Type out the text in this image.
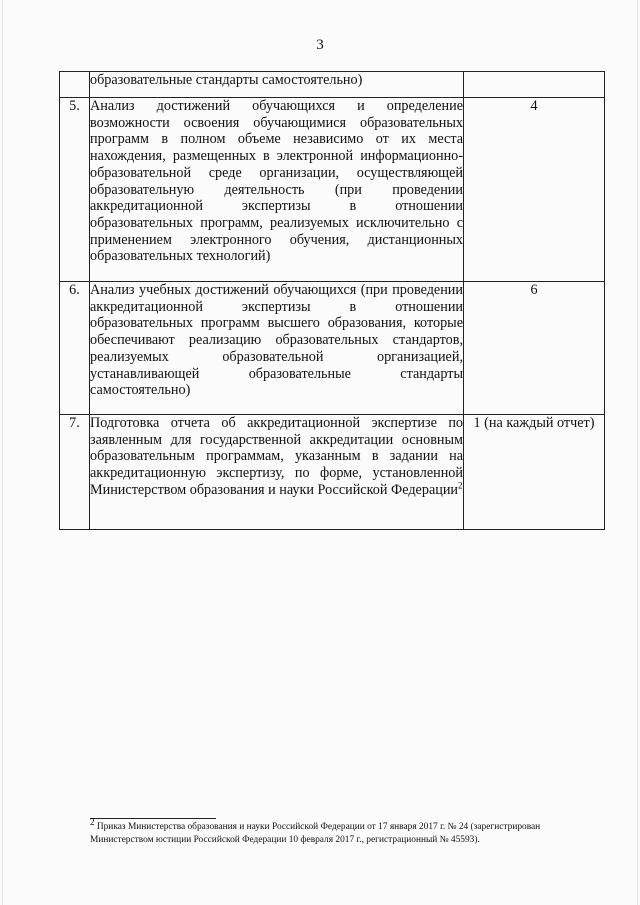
3
	образовательные стандарты самостоятельно)	
5.	Анализ достижений обучающихся и определение возможности освоения обучающимися образовательных программ в полном объеме независимо от их места нахождения, размещенных в электронной информационно-образовательной среде организации, осуществляющей образовательную деятельность (при проведении аккредитационной экспертизы в отношении образовательных программ, реализуемых исключительно с применением электронного обучения, дистанционных образовательных технологий)	4
6.	Анализ учебных достижений обучающихся (при проведении аккредитационной экспертизы в отношении образовательных программ высшего образования, которые обеспечивают реализацию образовательных стандартов, реализуемых образовательной организацией, устанавливающей образовательные стандарты самостоятельно)	6
7.	Подготовка отчета об аккредитационной экспертизе по заявленным для государственной аккредитации основным образовательным программам, указанным в задании на аккредитационную экспертизу, по форме, установленной Министерством образования и науки Российской Федерации$^2$	1 (на каждый отчет)
$^2$ Приказ Министерства образования и науки Российской Федерации от 17 января 2017 г. № 24 (зарегистрирован
Министерством юстиции Российской Федерации 10 февраля 2017 г., регистрационный № 45593).
